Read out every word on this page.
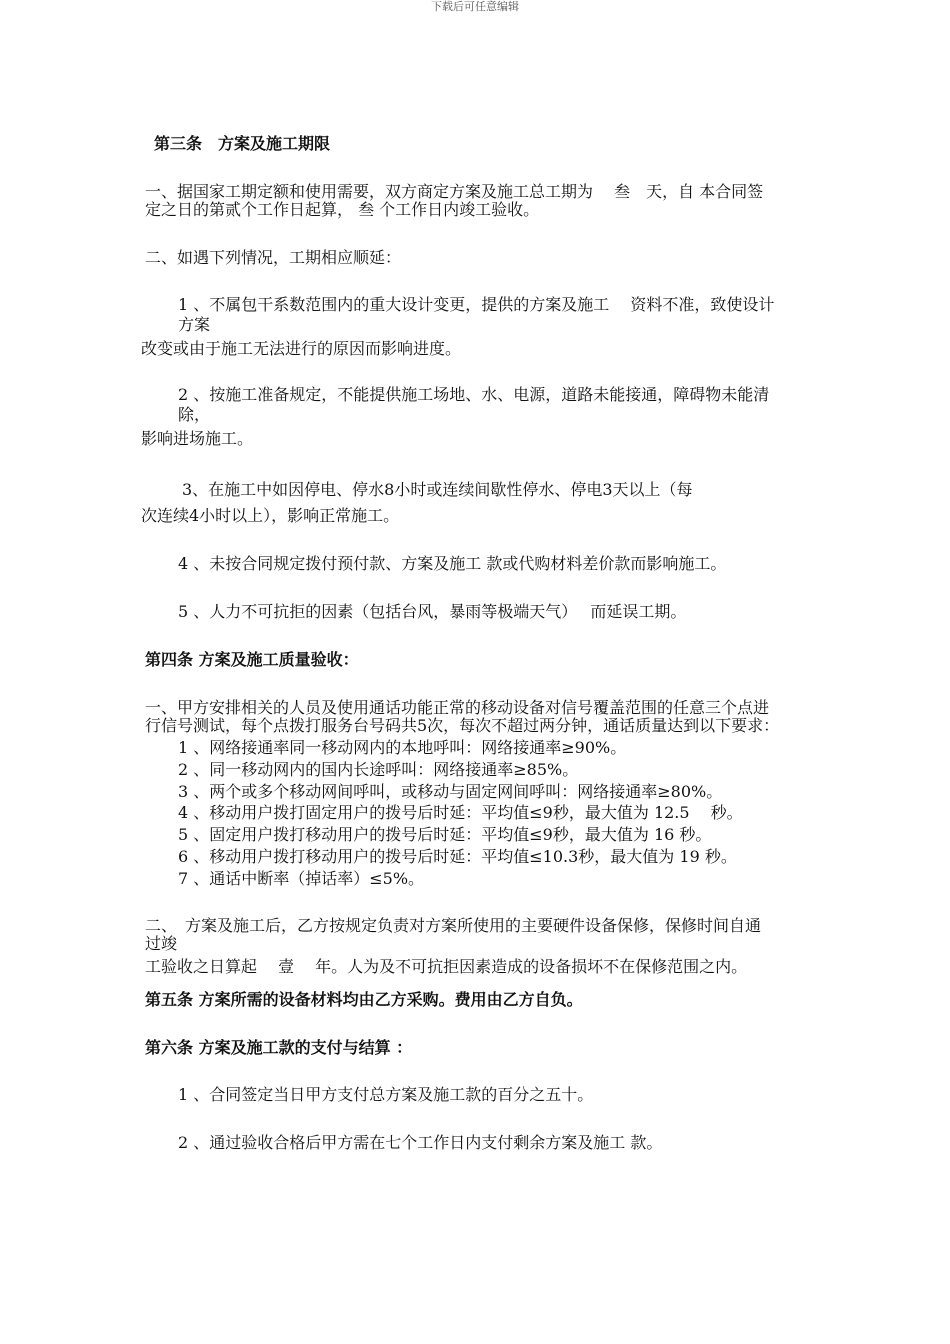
下载后可任意编辑
第三条　方案及施工期限
一、据国家工期定额和使用需要，双方商定方案及施工总工期为 　叁　天，自 本合同签
定之日的第贰个工作日起算， 叁 个工作日内竣工验收。
二、如遇下列情况，工期相应顺延：
1 、不属包干系数范围内的重大设计变更，提供的方案及施工　 资料不准，致使设计
方案
改变或由于施工无法进行的原因而影响进度。
2 、按施工准备规定，不能提供施工场地、水、电源，道路未能接通，障碍物未能清
除，
影响进场施工。
3、在施工中如因停电、停水8小时或连续间歇性停水、停电3天以上（每
次连续4小时以上），影响正常施工。
4 、未按合同规定拨付预付款、方案及施工 款或代购材料差价款而影响施工。
5 、人力不可抗拒的因素（包括台风，暴雨等极端天气）　 而延误工期。
第四条 方案及施工质量验收：
一、甲方安排相关的人员及使用通话功能正常的移动设备对信号覆盖范围的任意三个点进
行信号测试，每个点拨打服务台号码共5次，每次不超过两分钟，通话质量达到以下要求：
1 、网络接通率同一移动网内的本地呼叫：网络接通率≥90%。
2 、同一移动网内的国内长途呼叫：网络接通率≥85%。
3 、两个或多个移动网间呼叫，或移动与固定网间呼叫：网络接通率≥80%。
4 、移动用户拨打固定用户的拨号后时延：平均值≤9秒，最大值为 12.5　 秒。
5 、固定用户拨打移动用户的拨号后时延：平均值≤9秒，最大值为 16 秒。
6 、移动用户拨打移动用户的拨号后时延：平均值≤10.3秒，最大值为 19 秒。
7 、通话中断率（掉话率）≤5%。
二、　方案及施工后，乙方按规定负责对方案所使用的主要硬件设备保修，保修时间自通
过竣
工验收之日算起　 壹　 年。人为及不可抗拒因素造成的设备损坏不在保修范围之内。
第五条 方案所需的设备材料均由乙方采购。费用由乙方自负。
第六条 方案及施工款的支付与结算 ：
1 、合同签定当日甲方支付总方案及施工款的百分之五十。
2 、通过验收合格后甲方需在七个工作日内支付剩余方案及施工 款。
